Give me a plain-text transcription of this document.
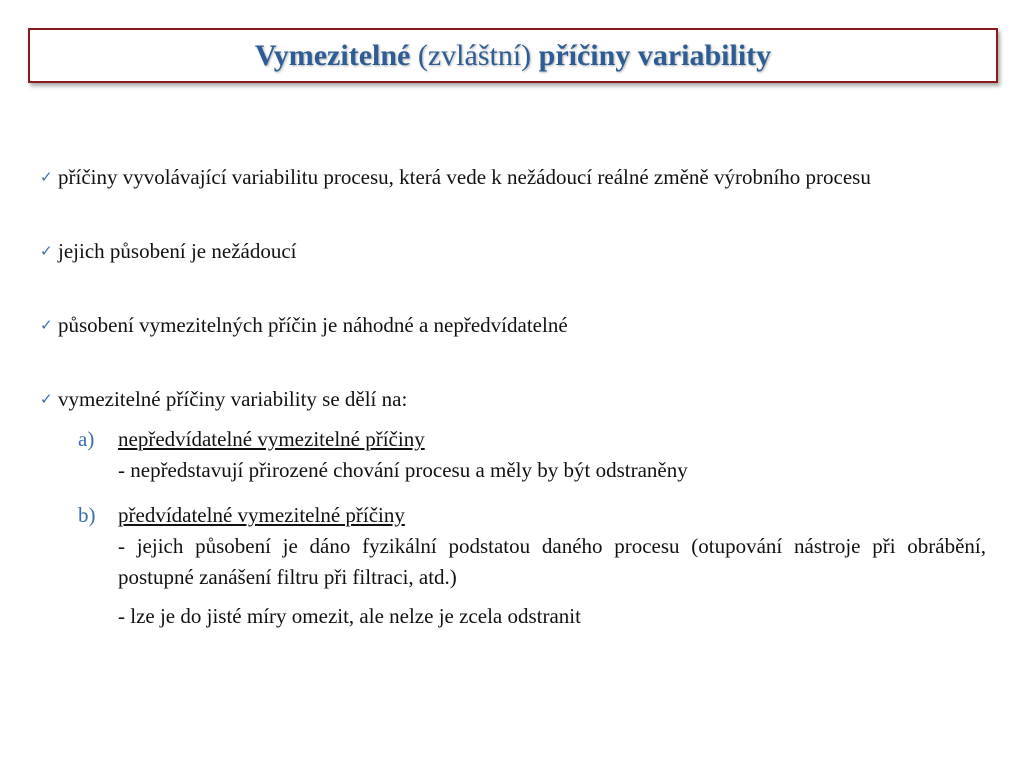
Vymezitelné (zvláštní) příčiny variability
✓ příčiny vyvolávající variabilitu procesu, která vede k nežádoucí reálné změně výrobního procesu
✓ jejich působení je nežádoucí
✓ působení vymezitelných příčin je náhodné a nepředvídatelné
✓ vymezitelné příčiny variability se dělí na:
a)	nepředvídatelné vymezitelné příčiny
- nepředstavují přirozené chování procesu a měly by být odstraněny
b)	předvídatelné vymezitelné příčiny
- jejich působení je dáno fyzikální podstatou daného procesu (otupování nástroje při obrábění, postupné zanášení filtru při filtraci, atd.)
- lze je do jisté míry omezit, ale nelze je zcela odstranit
